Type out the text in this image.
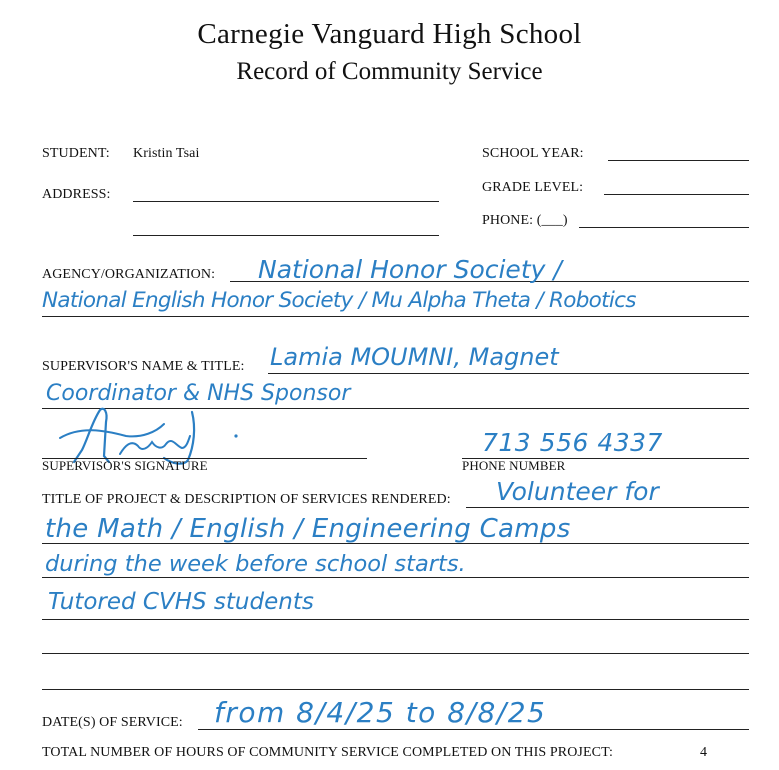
Carnegie Vanguard High School
Record of Community Service
STUDENT: Kristin Tsai	SCHOOL YEAR:
ADDRESS:	GRADE LEVEL:
PHONE: (___)
AGENCY/ORGANIZATION: National Honor Society /
National English Honor Society / Mu Alpha Theta / Robotics
SUPERVISOR'S NAME & TITLE: Lamia MOUMNI, Magnet
Coordinator & NHS Sponsor
SUPERVISOR'S SIGNATURE
713 556 4337
PHONE NUMBER
TITLE OF PROJECT & DESCRIPTION OF SERVICES RENDERED: Volunteer for
the Math / English / Engineering Camps
during the week before school starts.
Tutored CVHS students
DATE(S) OF SERVICE: from 8/4/25 to 8/8/25
TOTAL NUMBER OF HOURS OF COMMUNITY SERVICE COMPLETED ON THIS PROJECT:	4
